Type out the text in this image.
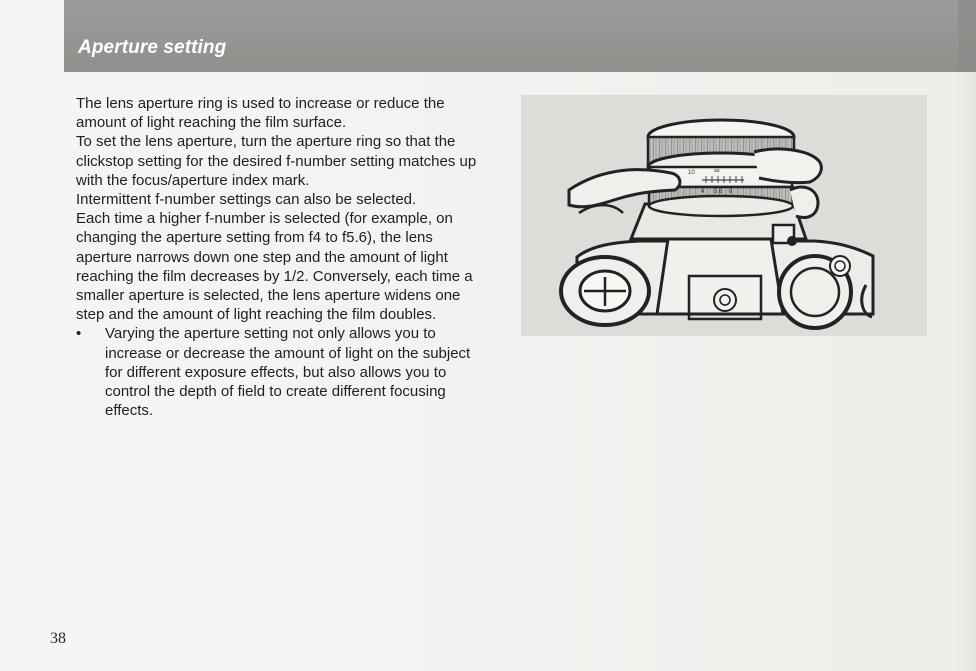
Aperture setting

The lens aperture ring is used to increase or reduce the amount of light reaching the film surface.

To set the lens aperture, turn the aperture ring so that the clickstop setting for the desired f-number setting matches up with the focus/aperture index mark.

Intermittent f-number settings can also be selected.

Each time a higher f-number is selected (for example, on changing the aperture setting from f4 to f5.6), the lens aperture narrows down one step and the amount of light reaching the film decreases by 1/2. Conversely, each time a smaller aperture is selected, the lens aperture widens one step and the amount of light reaching the film doubles.

• Varying the aperture setting not only allows you to increase or decrease the amount of light on the subject for different exposure effects, but also allows you to control the depth of field to create different focusing effects.

10 ∞
4 5.6 8
38
